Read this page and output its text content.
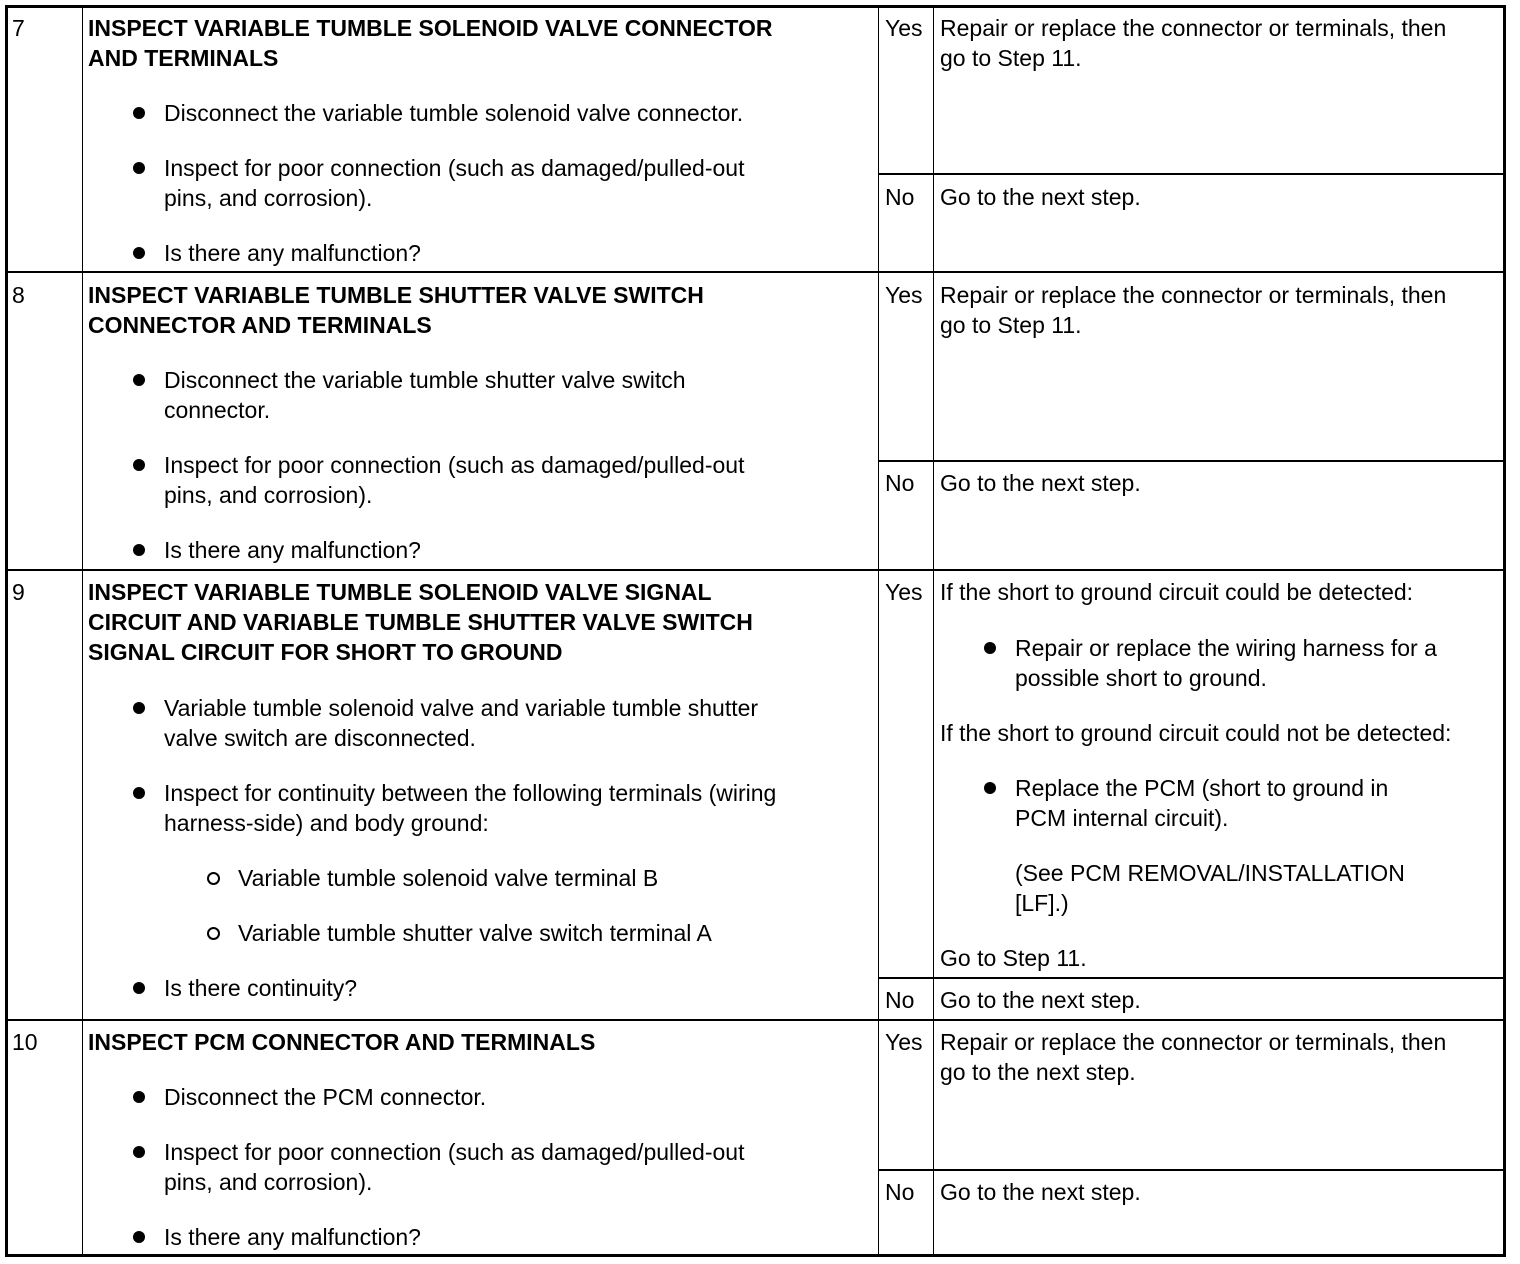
7	INSPECT VARIABLE TUMBLE SOLENOID VALVE CONNECTOR
AND TERMINALS
Disconnect the variable tumble solenoid valve connector.
Inspect for poor connection (such as damaged/pulled-out
pins, and corrosion).
Is there any malfunction?
Yes Repair or replace the connector or terminals, then
go to Step 11.
No Go to the next step.
8	INSPECT VARIABLE TUMBLE SHUTTER VALVE SWITCH
CONNECTOR AND TERMINALS
Disconnect the variable tumble shutter valve switch
connector.
Inspect for poor connection (such as damaged/pulled-out
pins, and corrosion).
Is there any malfunction?
Yes Repair or replace the connector or terminals, then
go to Step 11.
No Go to the next step.
9	INSPECT VARIABLE TUMBLE SOLENOID VALVE SIGNAL
CIRCUIT AND VARIABLE TUMBLE SHUTTER VALVE SWITCH
SIGNAL CIRCUIT FOR SHORT TO GROUND
Variable tumble solenoid valve and variable tumble shutter
valve switch are disconnected.
Inspect for continuity between the following terminals (wiring
harness-side) and body ground:
Variable tumble solenoid valve terminal B
Variable tumble shutter valve switch terminal A
Is there continuity?
Yes If the short to ground circuit could be detected:
Repair or replace the wiring harness for a
possible short to ground.
If the short to ground circuit could not be detected:
Replace the PCM (short to ground in
PCM internal circuit).
(See PCM REMOVAL/INSTALLATION
[LF].)
Go to Step 11.
No Go to the next step.
10 INSPECT PCM CONNECTOR AND TERMINALS
Disconnect the PCM connector.
Inspect for poor connection (such as damaged/pulled-out
pins, and corrosion).
Is there any malfunction?
Yes Repair or replace the connector or terminals, then
go to the next step.
No Go to the next step.
